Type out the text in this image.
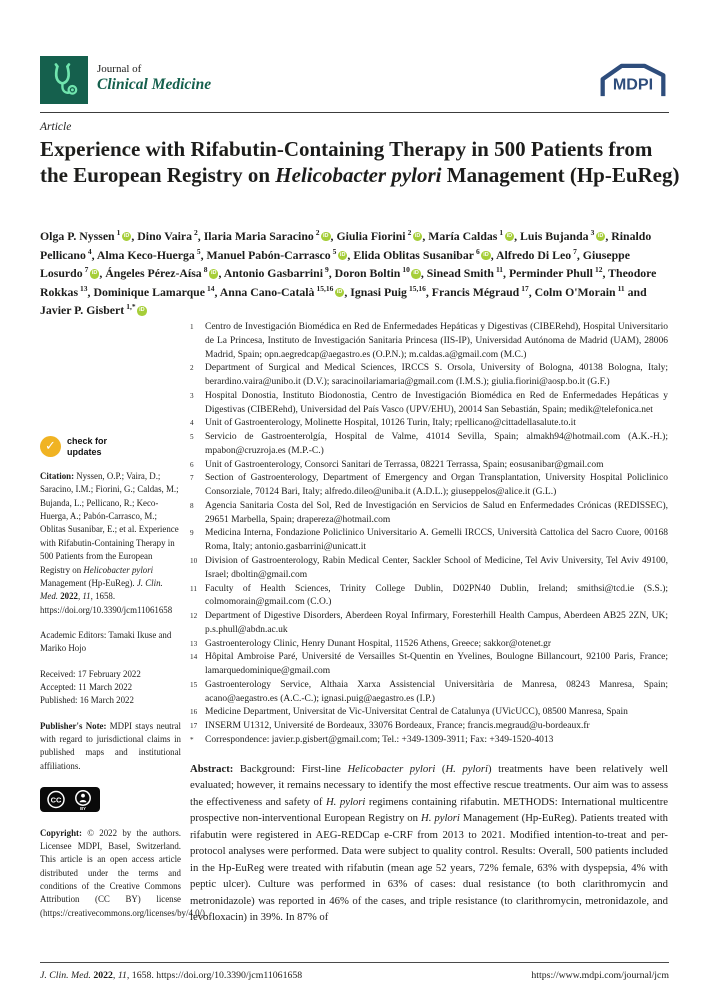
Journal of
Clinical Medicine	MDPI
Article
Experience with Rifabutin-Containing Therapy in 500 Patients from the European Registry on Helicobacter pylori Management (Hp-EuReg)
Olga P. Nyssen $^1$ iD , Dino Vaira $^2$, Ilaria Maria Saracino $^2$ iD , Giulia Fiorini $^2$ iD , María Caldas $^1$ iD , Luis Bujanda $^3$ iD , Rinaldo Pellicano $^4$, Alma Keco-Huerga $^5$, Manuel Pabón-Carrasco $^5$ iD , Elida Oblitas Susanibar $^6$ iD , Alfredo Di Leo $^7$, Giuseppe Losurdo $^7$ iD , Ángeles Pérez-Aísa $^8$ iD , Antonio Gasbarrini $^9$, Doron Boltin $^{10}$ iD , Sinead Smith $^{11}$, Perminder Phull $^{12}$, Theodore Rokkas $^{13}$, Dominique Lamarque $^{14}$, Anna Cano-Català $^{15,16}$ iD , Ignasi Puig $^{15,16}$, Francis Mégraud $^{17}$, Colm O'Morain $^{11}$ and Javier P. Gisbert $^{1,*}$ iD
1	Centro de Investigación Biomédica en Red de Enfermedades Hepáticas y Digestivas (CIBERehd), Hospital Universitario de La Princesa, Instituto de Investigación Sanitaria Princesa (IIS-IP), Universidad Autónoma de Madrid (UAM), 28006 Madrid, Spain; opn.aegredcap@aegastro.es (O.P.N.); m.caldas.a@gmail.com (M.C.)
2	Department of Surgical and Medical Sciences, IRCCS S. Orsola, University of Bologna, 40138 Bologna, Italy; berardino.vaira@unibo.it (D.V.); saracinoilariamaria@gmail.com (I.M.S.); giulia.fiorini@aosp.bo.it (G.F.)
3	Hospital Donostia, Instituto Biodonostia, Centro de Investigación Biomédica en Red de Enfermedades Hepáticas y Digestivas (CIBERehd), Universidad del País Vasco (UPV/EHU), 20014 San Sebastián, Spain; medik@telefonica.net
4	Unit of Gastroenterology, Molinette Hospital, 10126 Turin, Italy; rpellicano@cittadellasalute.to.it
5	Servicio de Gastroenterolgía, Hospital de Valme, 41014 Sevilla, Spain; almakh94@hotmail.com (A.K.-H.); mpabon@cruzroja.es (M.P.-C.)
6	Unit of Gastroenterology, Consorci Sanitari de Terrassa, 08221 Terrassa, Spain; eosusanibar@gmail.com
7	Section of Gastroenterology, Department of Emergency and Organ Transplantation, University Hospital Policlinico Consorziale, 70124 Bari, Italy; alfredo.dileo@uniba.it (A.D.L.); giuseppelos@alice.it (G.L.)
8	Agencia Sanitaria Costa del Sol, Red de Investigación en Servicios de Salud en Enfermedades Crónicas (REDISSEC), 29651 Marbella, Spain; drapereza@hotmail.com
9	Medicina Interna, Fondazione Policlinico Universitario A. Gemelli IRCCS, Università Cattolica del Sacro Cuore, 00168 Roma, Italy; antonio.gasbarrini@unicatt.it
10 Division of Gastroenterology, Rabin Medical Center, Sackler School of Medicine, Tel Aviv University, Tel Aviv 49100, Israel; dboltin@gmail.com
11 Faculty of Health Sciences, Trinity College Dublin, D02PN40 Dublin, Ireland; smithsi@tcd.ie (S.S.); colmomorain@gmail.com (C.O.)
12 Department of Digestive Disorders, Aberdeen Royal Infirmary, Foresterhill Health Campus, Aberdeen AB25 2ZN, UK; p.s.phull@abdn.ac.uk
13 Gastroenterology Clinic, Henry Dunant Hospital, 11526 Athens, Greece; sakkor@otenet.gr
14 Hôpital Ambroise Paré, Université de Versailles St-Quentin en Yvelines, Boulogne Billancourt, 92100 Paris, France; lamarquedominique@gmail.com
15 Gastroenterology Service, Althaia Xarxa Assistencial Universitària de Manresa, 08243 Manresa, Spain; acano@aegastro.es (A.C.-C.); ignasi.puig@aegastro.es (I.P.)
16 Medicine Department, Universitat de Vic-Universitat Central de Catalunya (UVicUCC), 08500 Manresa, Spain
17 INSERM U1312, Université de Bordeaux, 33076 Bordeaux, France; francis.megraud@u-bordeaux.fr
*	Correspondence: javier.p.gisbert@gmail.com; Tel.: +349-1309-3911; Fax: +349-1520-4013
Abstract: Background: First-line Helicobacter pylori (H. pylori) treatments have been relatively well evaluated; however, it remains necessary to identify the most effective rescue treatments. Our aim was to assess the effectiveness and safety of H. pylori regimens containing rifabutin. METHODS: International multicentre prospective non-interventional European Registry on H. pylori Management (Hp-EuReg). Patients treated with rifabutin were registered in AEG-REDCap e-CRF from 2013 to 2021. Modified intention-to-treat and per-protocol analyses were performed. Data were subject to quality control. Results: Overall, 500 patients included in the Hp-EuReg were treated with rifabutin (mean age 52 years, 72% female, 63% with dyspepsia, 4% with peptic ulcer). Culture was performed in 63% of cases: dual resistance (to both clarithromycin and metronidazole) was reported in 46% of the cases, and triple resistance (to clarithromycin, metronidazole, and levofloxacin) in 39%. In 87% of
✓	check for
updates
Citation: Nyssen, O.P.; Vaira, D.; Saracino, I.M.; Fiorini, G.; Caldas, M.; Bujanda, L.; Pellicano, R.; Keco-Huerga, A.; Pabón-Carrasco, M.; Oblitas Susanibar, E.; et al. Experience with Rifabutin-Containing Therapy in 500 Patients from the European Registry on Helicobacter pylori Management (Hp-EuReg). J. Clin. Med. 2022, 11, 1658. https://doi.org/10.3390/jcm11061658
Academic Editors: Tamaki Ikuse and Mariko Hojo
Received: 17 February 2022
Accepted: 11 March 2022
Published: 16 March 2022
Publisher's Note: MDPI stays neutral with regard to jurisdictional claims in published maps and institutional affiliations.
CC
BY
Copyright: © 2022 by the authors. Licensee MDPI, Basel, Switzerland. This article is an open access article distributed under the terms and conditions of the Creative Commons Attribution (CC BY) license (https://creativecommons.org/licenses/by/4.0/).
J. Clin. Med. 2022, 11, 1658. https://doi.org/10.3390/jcm11061658	https://www.mdpi.com/journal/jcm
